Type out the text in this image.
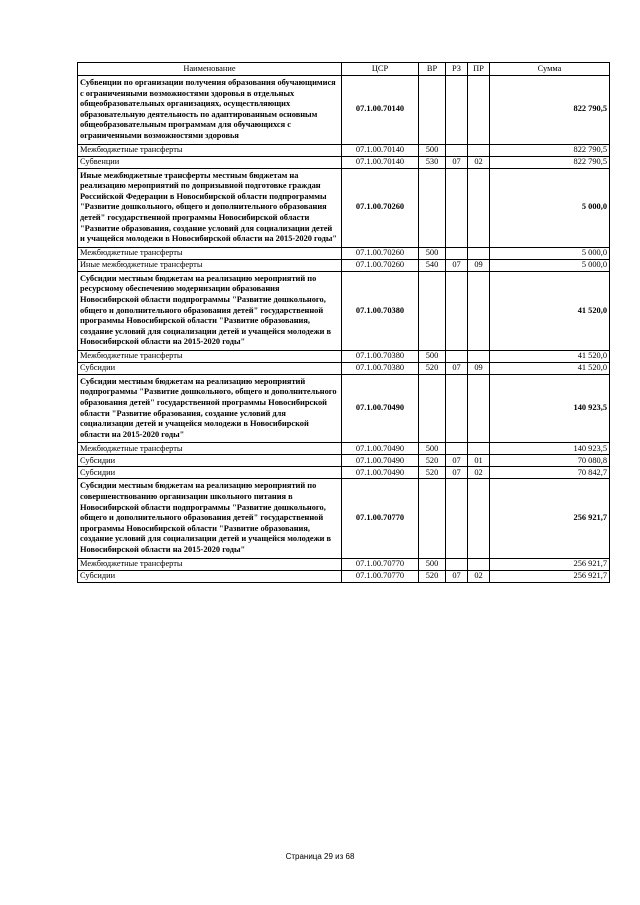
Наименование	ЦСР	ВР	РЗ	ПР	Сумма
Субвенции по организации получения образования обучающимися с ограниченными возможностями здоровья в отдельных общеобразовательных организациях, осуществляющих образовательную деятельность по адаптированным основным общеобразовательным программам для обучающихся с ограниченными возможностями здоровья	07.1.00.70140				822 790,5
Межбюджетные трансферты	07.1.00.70140	500			822 790,5
Субвенции	07.1.00.70140	530	07	02	822 790,5
Иные межбюджетные трансферты местным бюджетам на реализацию мероприятий по допризывной подготовке граждан Российской Федерации в Новосибирской области подпрограммы "Развитие дошкольного, общего и дополнительного образования детей" государственной программы Новосибирской области "Развитие образования, создание условий для социализации детей и учащейся молодежи в Новосибирской области на 2015-2020 годы"	07.1.00.70260				5 000,0
Межбюджетные трансферты	07.1.00.70260	500			5 000,0
Иные межбюджетные трансферты	07.1.00.70260	540	07	09	5 000,0
Субсидии местным бюджетам на реализацию мероприятий по ресурсному обеспечению модернизации образования Новосибирской области подпрограммы "Развитие дошкольного, общего и дополнительного образования детей" государственной программы Новосибирской области "Развитие образования, создание условий для социализации детей и учащейся молодежи в Новосибирской области на 2015-2020 годы"	07.1.00.70380				41 520,0
Межбюджетные трансферты	07.1.00.70380	500			41 520,0
Субсидии	07.1.00.70380	520	07	09	41 520,0
Субсидии местным бюджетам на реализацию мероприятий подпрограммы "Развитие дошкольного, общего и дополнительного образования детей" государственной программы Новосибирской области "Развитие образования, создание условий для социализации детей и учащейся молодежи в Новосибирской области на 2015-2020 годы"	07.1.00.70490				140 923,5
Межбюджетные трансферты	07.1.00.70490	500			140 923,5
Субсидии	07.1.00.70490	520	07	01	70 080,8
Субсидии	07.1.00.70490	520	07	02	70 842,7
Субсидии местным бюджетам на реализацию мероприятий по совершенствованию организации школьного питания в Новосибирской области подпрограммы "Развитие дошкольного, общего и дополнительного образования детей" государственной программы Новосибирской области "Развитие образования, создание условий для социализации детей и учащейся молодежи в Новосибирской области на 2015-2020 годы"	07.1.00.70770				256 921,7
Межбюджетные трансферты	07.1.00.70770	500			256 921,7
Субсидии	07.1.00.70770	520	07	02	256 921,7
Страница 29 из 68
